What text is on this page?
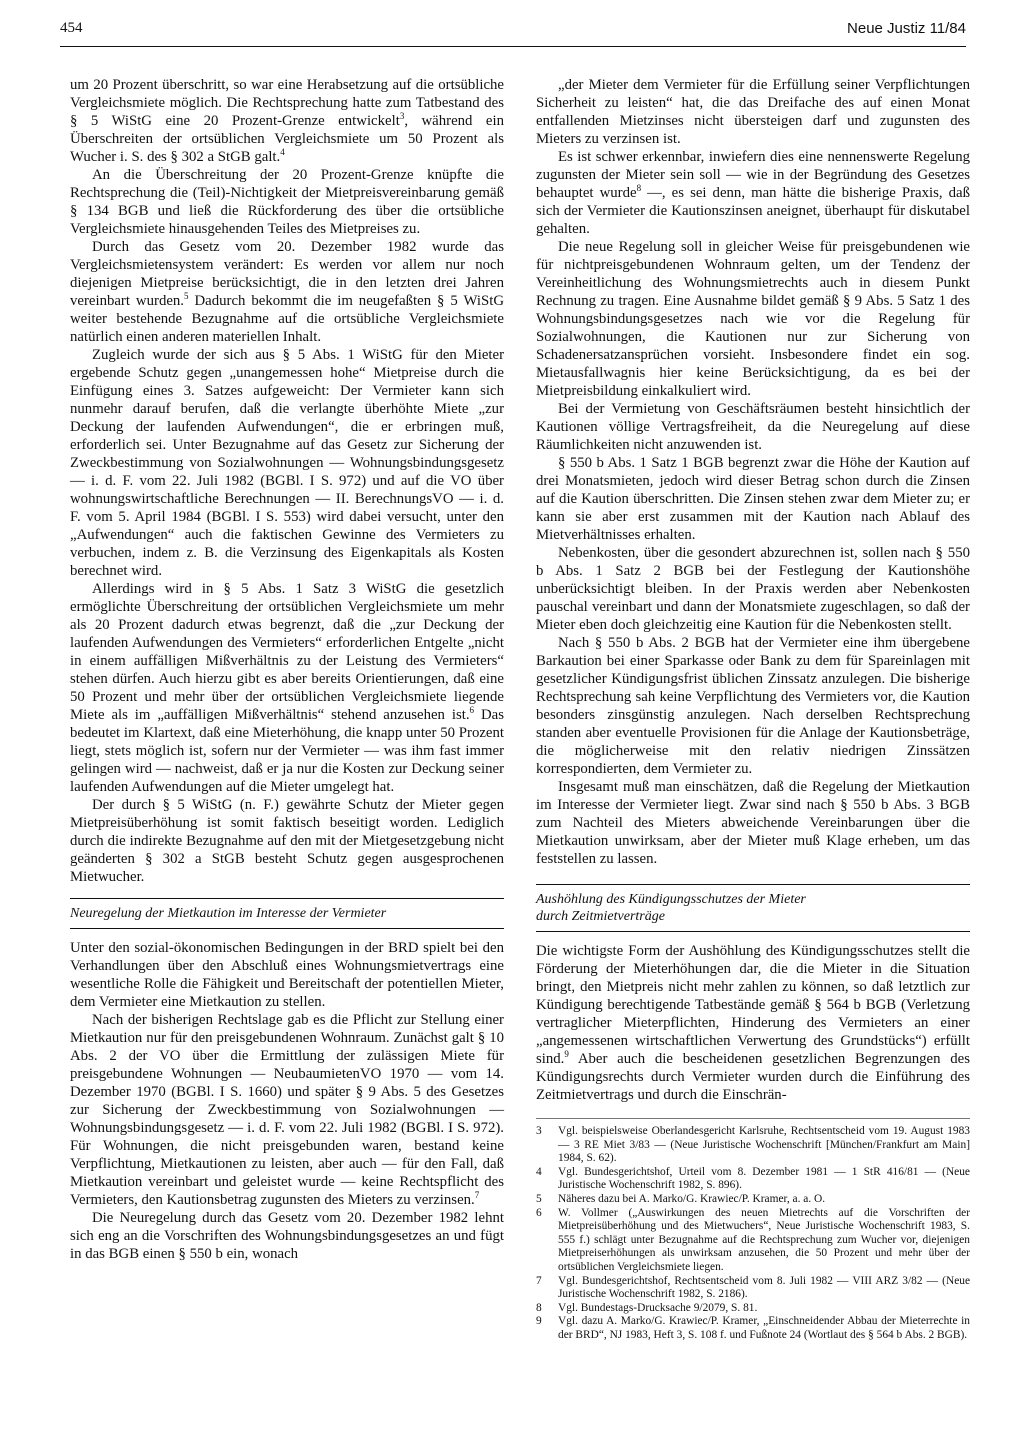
454	Neue Justiz 11/84

um 20 Prozent überschritt, so war eine Herabsetzung auf die ortsübliche Vergleichsmiete möglich. Die Rechtsprechung hatte zum Tatbestand des § 5 WiStG eine 20 Prozent-Grenze entwickelt$^3$, während ein Überschreiten der ortsüblichen Vergleichsmiete um 50 Prozent als Wucher i. S. des § 302 a StGB galt.$^4$

An die Überschreitung der 20 Prozent-Grenze knüpfte die Rechtsprechung die (Teil)-Nichtigkeit der Mietpreisvereinbarung gemäß § 134 BGB und ließ die Rückforderung des über die ortsübliche Vergleichsmiete hinausgehenden Teiles des Mietpreises zu.

Durch das Gesetz vom 20. Dezember 1982 wurde das Vergleichsmietensystem verändert: Es werden vor allem nur noch diejenigen Mietpreise berücksichtigt, die in den letzten drei Jahren vereinbart wurden.$^5$ Dadurch bekommt die im neugefaßten § 5 WiStG weiter bestehende Bezugnahme auf die ortsübliche Vergleichsmiete natürlich einen anderen materiellen Inhalt.

Zugleich wurde der sich aus § 5 Abs. 1 WiStG für den Mieter ergebende Schutz gegen „unangemessen hohe“ Mietpreise durch die Einfügung eines 3. Satzes aufgeweicht: Der Vermieter kann sich nunmehr darauf berufen, daß die verlangte überhöhte Miete „zur Deckung der laufenden Aufwendungen“, die er erbringen muß, erforderlich sei. Unter Bezugnahme auf das Gesetz zur Sicherung der Zweckbestimmung von Sozialwohnungen — Wohnungsbindungsgesetz — i. d. F. vom 22. Juli 1982 (BGBl. I S. 972) und auf die VO über wohnungswirtschaftliche Berechnungen — II. BerechnungsVO — i. d. F. vom 5. April 1984 (BGBl. I S. 553) wird dabei versucht, unter den „Aufwendungen“ auch die faktischen Gewinne des Vermieters zu verbuchen, indem z. B. die Verzinsung des Eigenkapitals als Kosten berechnet wird.

Allerdings wird in § 5 Abs. 1 Satz 3 WiStG die gesetzlich ermöglichte Überschreitung der ortsüblichen Vergleichsmiete um mehr als 20 Prozent dadurch etwas begrenzt, daß die „zur Deckung der laufenden Aufwendungen des Vermieters“ erforderlichen Entgelte „nicht in einem auffälligen Mißverhältnis zu der Leistung des Vermieters“ stehen dürfen. Auch hierzu gibt es aber bereits Orientierungen, daß eine 50 Prozent und mehr über der ortsüblichen Vergleichsmiete liegende Miete als im „auffälligen Mißverhältnis“ stehend anzusehen ist.$^6$ Das bedeutet im Klartext, daß eine Mieterhöhung, die knapp unter 50 Prozent liegt, stets möglich ist, sofern nur der Vermieter — was ihm fast immer gelingen wird — nachweist, daß er ja nur die Kosten zur Deckung seiner laufenden Aufwendungen auf die Mieter umgelegt hat.

Der durch § 5 WiStG (n. F.) gewährte Schutz der Mieter gegen Mietpreisüberhöhung ist somit faktisch beseitigt worden. Lediglich durch die indirekte Bezugnahme auf den mit der Mietgesetzgebung nicht geänderten § 302 a StGB besteht Schutz gegen ausgesprochenen Mietwucher.

Neuregelung der Mietkaution im Interesse der Vermieter

Unter den sozial-ökonomischen Bedingungen in der BRD spielt bei den Verhandlungen über den Abschluß eines Wohnungsmietvertrags eine wesentliche Rolle die Fähigkeit und Bereitschaft der potentiellen Mieter, dem Vermieter eine Mietkaution zu stellen.

Nach der bisherigen Rechtslage gab es die Pflicht zur Stellung einer Mietkaution nur für den preisgebundenen Wohnraum. Zunächst galt § 10 Abs. 2 der VO über die Ermittlung der zulässigen Miete für preisgebundene Wohnungen — NeubaumietenVO 1970 — vom 14. Dezember 1970 (BGBl. I S. 1660) und später § 9 Abs. 5 des Gesetzes zur Sicherung der Zweckbestimmung von Sozialwohnungen — Wohnungsbindungsgesetz — i. d. F. vom 22. Juli 1982 (BGBl. I S. 972). Für Wohnungen, die nicht preisgebunden waren, bestand keine Verpflichtung, Mietkautionen zu leisten, aber auch — für den Fall, daß Mietkaution vereinbart und geleistet wurde — keine Rechtspflicht des Vermieters, den Kautionsbetrag zugunsten des Mieters zu verzinsen.$^7$

Die Neuregelung durch das Gesetz vom 20. Dezember 1982 lehnt sich eng an die Vorschriften des Wohnungsbindungsgesetzes an und fügt in das BGB einen § 550 b ein, wonach

„der Mieter dem Vermieter für die Erfüllung seiner Verpflichtungen Sicherheit zu leisten“ hat, die das Dreifache des auf einen Monat entfallenden Mietzinses nicht übersteigen darf und zugunsten des Mieters zu verzinsen ist.

Es ist schwer erkennbar, inwiefern dies eine nennenswerte Regelung zugunsten der Mieter sein soll — wie in der Begründung des Gesetzes behauptet wurde$^8$ —, es sei denn, man hätte die bisherige Praxis, daß sich der Vermieter die Kautionszinsen aneignet, überhaupt für diskutabel gehalten.

Die neue Regelung soll in gleicher Weise für preisgebundenen wie für nichtpreisgebundenen Wohnraum gelten, um der Tendenz der Vereinheitlichung des Wohnungsmietrechts auch in diesem Punkt Rechnung zu tragen. Eine Ausnahme bildet gemäß § 9 Abs. 5 Satz 1 des Wohnungsbindungsgesetzes nach wie vor die Regelung für Sozialwohnungen, die Kautionen nur zur Sicherung von Schadenersatzansprüchen vorsieht. Insbesondere findet ein sog. Mietausfallwagnis hier keine Berücksichtigung, da es bei der Mietpreisbildung einkalkuliert wird.

Bei der Vermietung von Geschäftsräumen besteht hinsichtlich der Kautionen völlige Vertragsfreiheit, da die Neuregelung auf diese Räumlichkeiten nicht anzuwenden ist.

§ 550 b Abs. 1 Satz 1 BGB begrenzt zwar die Höhe der Kaution auf drei Monatsmieten, jedoch wird dieser Betrag schon durch die Zinsen auf die Kaution überschritten. Die Zinsen stehen zwar dem Mieter zu; er kann sie aber erst zusammen mit der Kaution nach Ablauf des Mietverhältnisses erhalten.

Nebenkosten, über die gesondert abzurechnen ist, sollen nach § 550 b Abs. 1 Satz 2 BGB bei der Festlegung der Kautionshöhe unberücksichtigt bleiben. In der Praxis werden aber Nebenkosten pauschal vereinbart und dann der Monatsmiete zugeschlagen, so daß der Mieter eben doch gleichzeitig eine Kaution für die Nebenkosten stellt.

Nach § 550 b Abs. 2 BGB hat der Vermieter eine ihm übergebene Barkaution bei einer Sparkasse oder Bank zu dem für Spareinlagen mit gesetzlicher Kündigungsfrist üblichen Zinssatz anzulegen. Die bisherige Rechtsprechung sah keine Verpflichtung des Vermieters vor, die Kaution besonders zinsgünstig anzulegen. Nach derselben Rechtsprechung standen aber eventuelle Provisionen für die Anlage der Kautionsbeträge, die möglicherweise mit den relativ niedrigen Zinssätzen korrespondierten, dem Vermieter zu.

Insgesamt muß man einschätzen, daß die Regelung der Mietkaution im Interesse der Vermieter liegt. Zwar sind nach § 550 b Abs. 3 BGB zum Nachteil des Mieters abweichende Vereinbarungen über die Mietkaution unwirksam, aber der Mieter muß Klage erheben, um das feststellen zu lassen.

Aushöhlung des Kündigungsschutzes der Mieter
durch Zeitmietverträge

Die wichtigste Form der Aushöhlung des Kündigungsschutzes stellt die Förderung der Mieterhöhungen dar, die die Mieter in die Situation bringt, den Mietpreis nicht mehr zahlen zu können, so daß letztlich zur Kündigung berechtigende Tatbestände gemäß § 564 b BGB (Verletzung vertraglicher Mieterpflichten, Hinderung des Vermieters an einer „angemessenen wirtschaftlichen Verwertung des Grundstücks“) erfüllt sind.$^9$ Aber auch die bescheidenen gesetzlichen Begrenzungen des Kündigungsrechts durch Vermieter wurden durch die Einführung des Zeitmietvertrags und durch die Einschrän-

3	Vgl. beispielsweise Oberlandesgericht Karlsruhe, Rechtsentscheid vom 19. August 1983 — 3 RE Miet 3/83 — (Neue Juristische Wochenschrift [München/Frankfurt am Main] 1984, S. 62).
4	Vgl. Bundesgerichtshof, Urteil vom 8. Dezember 1981 — 1 StR 416/81 — (Neue Juristische Wochenschrift 1982, S. 896).
5	Näheres dazu bei A. Marko/G. Krawiec/P. Kramer, a. a. O.
6	W. Vollmer („Auswirkungen des neuen Mietrechts auf die Vorschriften der Mietpreisüberhöhung und des Mietwuchers“, Neue Juristische Wochenschrift 1983, S. 555 f.) schlägt unter Bezugnahme auf die Rechtsprechung zum Wucher vor, diejenigen Mietpreiserhöhungen als unwirksam anzusehen, die 50 Prozent und mehr über der ortsüblichen Vergleichsmiete liegen.
7	Vgl. Bundesgerichtshof, Rechtsentscheid vom 8. Juli 1982 — VIII ARZ 3/82 — (Neue Juristische Wochenschrift 1982, S. 2186).
8	Vgl. Bundestags-Drucksache 9/2079, S. 81.
9	Vgl. dazu A. Marko/G. Krawiec/P. Kramer, „Einschneidender Abbau der Mieterrechte in der BRD“, NJ 1983, Heft 3, S. 108 f. und Fußnote 24 (Wortlaut des § 564 b Abs. 2 BGB).
